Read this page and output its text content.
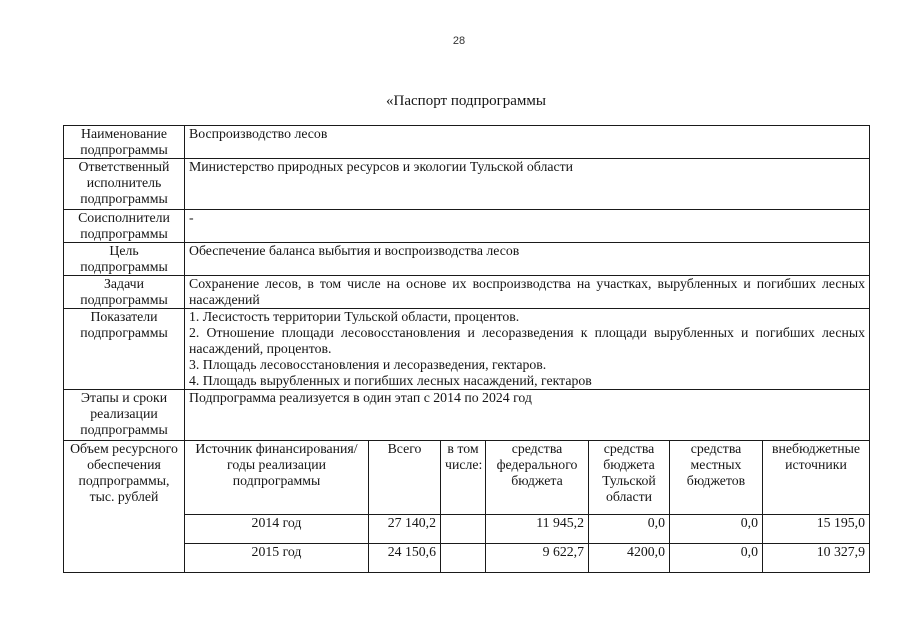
28
«Паспорт подпрограммы
Наименование подпрограммы	Воспроизводство лесов						
Ответственный исполнитель подпрограммы	Министерство природных ресурсов и экологии Тульской области						
Соисполнители подпрограммы	-						
Цель подпрограммы	Обеспечение баланса выбытия и воспроизводства лесов						
Задачи подпрограммы	Сохранение лесов, в том числе на основе их воспроизводства на участках, вырубленных и погибших лесных насаждений						
Показатели подпрограммы	1. Лесистость территории Тульской области, процентов.
2. Отношение площади лесовосстановления и лесоразведения к площади вырубленных и погибших лесных насаждений, процентов.
3. Площадь лесовосстановления и лесоразведения, гектаров.
4. Площадь вырубленных и погибших лесных насаждений, гектаров						

Этапы и сроки реализации подпрограммы	Подпрограмма реализуется в один этап с 2014 по 2024 год						
Объем ресурсного обеспечения подпрограммы, тыс. рублей	Источник финансирования/ годы реализации подпрограммы	Всего	в том числе:	средства федерального бюджета	средства бюджета Тульской области	средства местных бюджетов	внебюджетные источники
	2014 год	27 140,2		11 945,2	0,0	0,0	15 195,0
	2015 год	24 150,6		9 622,7	4200,0	0,0	10 327,9
